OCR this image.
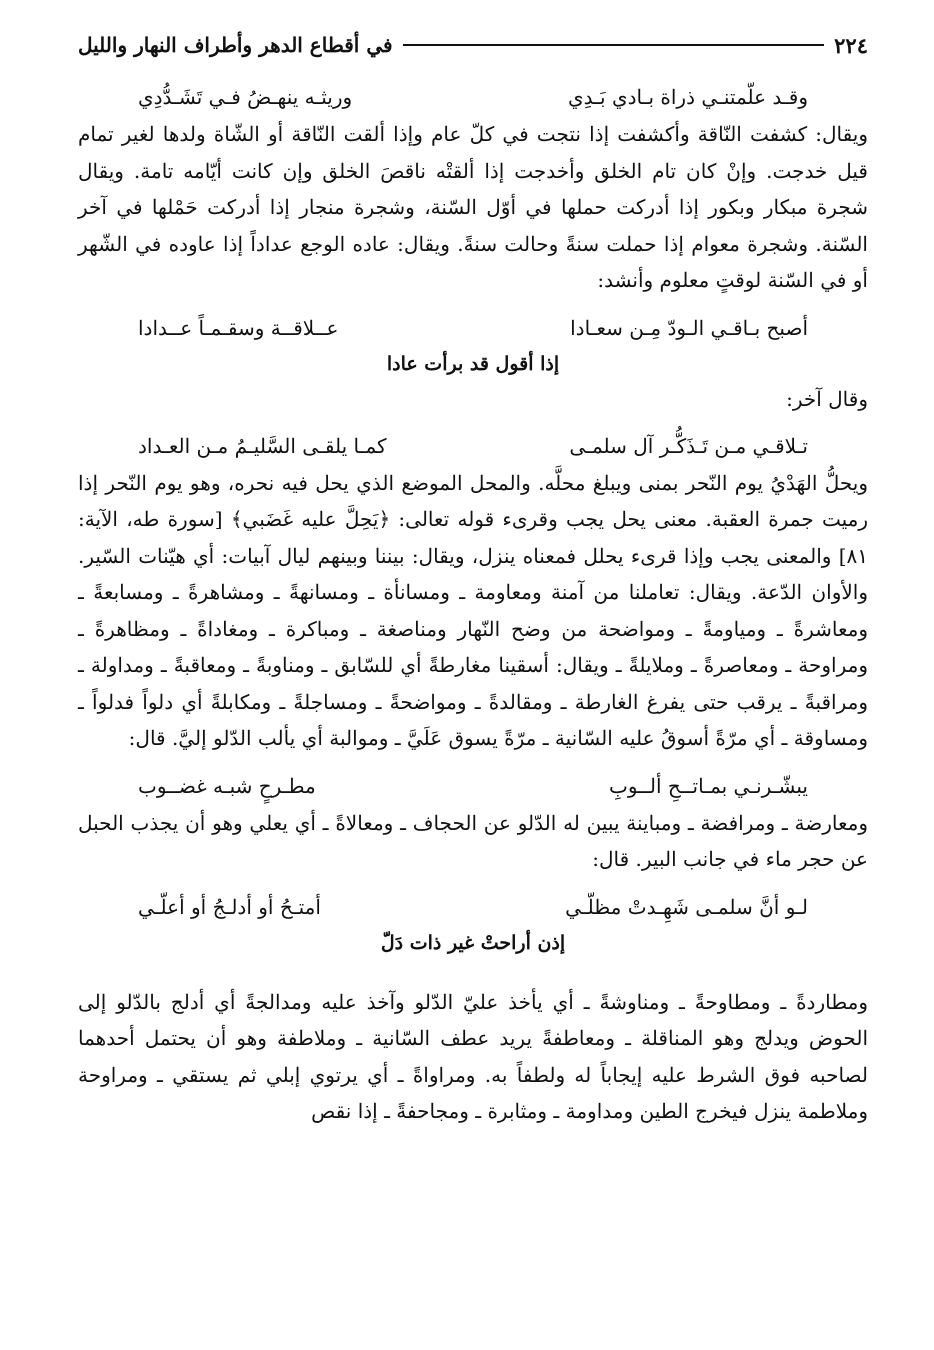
٢٢٤
في أقطاع الدهر وأطراف النهار والليل
وقـد علّمتنـي ذراة بـادي بَـدِي
وريثـه ينهـضُ فـي تَشَـدُّدِي

ويقال: كشفت النّاقة وأكشفت إذا نتجت في كلّ عام وإذا ألقت النّاقة أو الشّاة ولدها لغير تمام قيل خدجت. وإنْ كان تام الخلق وأخدجت إذا ألقتْه ناقصَ الخلق وإن كانت أيّامه تامة. ويقال شجرة مبكار وبكور إذا أدركت حملها في أوّل السّنة، وشجرة منجار إذا أدركت حَمْلها في آخر السّنة. وشجرة معوام إذا حملت سنةً وحالت سنةً. ويقال: عاده الوجع عداداً إذا عاوده في الشّهر أو في السّنة لوقتٍ معلوم وأنشد:

أصبح بـاقـي الـودّ مِـن سعـادا
عــلاقــة وسقـمـاً عــدادا
إذا أقول قد برأت عادا
وقال آخر:
تـلاقـي مـن تَـذَكُّـر آل سلمـى
كمـا يلقـى السَّليـمُ مـن العـداد

ويحلُّ الهَدْيُ يوم النّحر بمنى ويبلغ محلَّه. والمحل الموضع الذي يحل فيه نحره، وهو يوم النّحر إذا رميت جمرة العقبة. معنى يحل يجب وقرىء قوله تعالى: ﴿يَحِلَّ عليه غَضَبي﴾ [سورة طه، الآية: ٨١] والمعنى يجب وإذا قرىء يحلل فمعناه ينزل، ويقال: بيننا وبينهم ليال آبيات: أي هيّنات السّير. والأوان الدّعة. ويقال: تعاملنا من آمنة ومعاومة ـ ومسانأة ـ ومسانهةً ـ ومشاهرةً ـ ومسابعةً ـ ومعاشرةً ـ ومياومةً ـ ومواضحة من وضح النّهار ومناصغة ـ ومباكرة ـ ومغاداةً ـ ومظاهرةً ـ ومراوحة ـ ومعاصرةً ـ وملايلةً ـ ويقال: أسقينا مغارطةً أي للسّابق ـ ومناوبةً ـ ومعاقبةً ـ ومداولة ـ ومراقبةً ـ يرقب حتى يفرغ الغارطة ـ ومقالدةً ـ ومواضحةً ـ ومساجلةً ـ ومكابلةً أي دلواً فدلواً ـ ومساوقة ـ أي مرّةً أسوقُ عليه السّانية ـ مرّةً يسوق عَلَيَّ ـ وموالبة أي يألب الدّلو إليَّ. قال:

يبشّـرنـي بمـاتــحِ ألــوبِ
مطـرحٍ شبـه غضــوب

ومعارضة ـ ومرافضة ـ ومباينة يبين له الدّلو عن الحجاف ـ ومعالاةً ـ أي يعلي وهو أن يجذب الحبل عن حجر ماء في جانب البير. قال:

لـو أنَّ سلمـى شَهِـدتْ مظلّـي
أمتـحُ أو أدلـجُ أو أعلّـي
إذن أراحتْ غير ذات دَلّ

ومطاردةً ـ ومطاوحةً ـ ومناوشةً ـ أي يأخذ عليّ الدّلو وآخذ عليه ومدالجةً أي أدلج بالدّلو إلى الحوض ويدلج وهو المناقلة ـ ومعاطفةً يريد عطف السّانية ـ وملاطفة وهو أن يحتمل أحدهما لصاحبه فوق الشرط عليه إيجاباً له ولطفاً به. ومراواةً ـ أي يرتوي إبلي ثم يستقي ـ ومراوحة وملاطمة ينزل فيخرج الطين ومداومة ـ ومثابرة ـ ومجاحفةً ـ إذا نقص
